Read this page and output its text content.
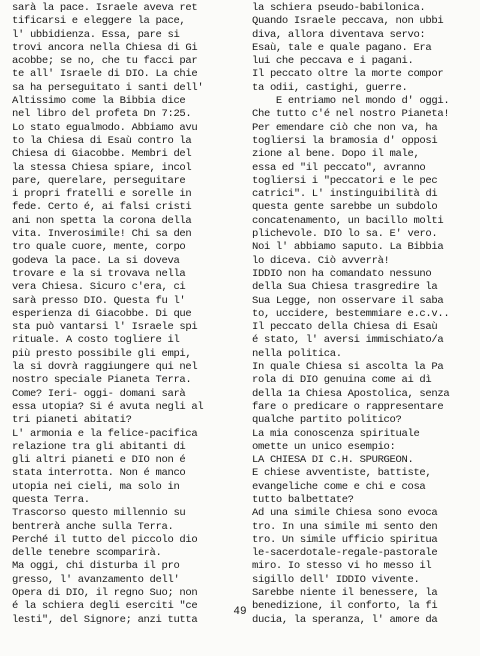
sarà la pace. Israele aveva ret
tificarsi e eleggere la pace,
l' ubbidienza. Essa, pare si
trovi ancora nella Chiesa di Gi
acobbe; se no, che tu facci par
te all' Israele di DIO. La chie
sa ha perseguitato i santi dell'
Altissimo come la Bibbia dice
nel libro del profeta Dn 7:25.
Lo stato egualmodo. Abbiamo avu
to la Chiesa di Esaù contro la
Chiesa di Giacobbe. Membri del
la stessa Chiesa spiare, incol
pare, querelare, perseguitare
i propri fratelli e sorelle in
fede. Certo é, ai falsi cristi
ani non spetta la corona della
vita. Inverosimile! Chi sa den
tro quale cuore, mente, corpo
godeva la pace. La si doveva
trovare e la si trovava nella
vera Chiesa. Sicuro c'era, ci
sarà presso DIO. Questa fu l'
esperienza di Giacobbe. Di que
sta può vantarsi l' Israele spi
rituale. A costo togliere il
più presto possibile gli empi,
la si dovrà raggiungere qui nel
nostro speciale Pianeta Terra.
Come? Ieri- oggi- domani sarà
essa utopia? Si é avuta negli al
tri pianeti abitati?
L' armonia e la felice-pacifica
relazione tra gli abitanti di
gli altri pianeti e DIO non é
stata interrotta. Non é manco
utopia nei cieli, ma solo in
questa Terra.
Trascorso questo millennio su
bentrerà anche sulla Terra.
Perché il tutto del piccolo dio
delle tenebre scomparirà.
Ma oggi, chi disturba il pro
gresso, l' avanzamento dell'
Opera di DIO, il regno Suo; non
é la schiera degli eserciti "ce
lesti", del Signore; anzi tutta
la schiera pseudo-babilonica.
Quando Israele peccava, non ubbi
diva, allora diventava servo:
Esaù, tale e quale pagano. Era
lui che peccava e i pagani.
Il peccato oltre la morte compor
ta odii, castighi, guerre.
E entriamo nel mondo d' oggi.
Che tutto c'é nel nostro Pianeta!
Per emendare ciò che non va, ha
togliersi la bramosia d' opposi
zione al bene. Dopo il male,
essa ed "il peccato", avranno
togliersi i "peccatori e le pec
catrici". L' instinguibilità di
questa gente sarebbe un subdolo
concatenamento, un bacillo molti
plichevole. DIO lo sa. E' vero.
Noi l' abbiamo saputo. La Bibbia
lo diceva. Ciò avverrà!
IDDIO non ha comandato nessuno
della Sua Chiesa trasgredire la
Sua Legge, non osservare il saba
to, uccidere, bestemmiare e.c.v..
Il peccato della Chiesa di Esaù
é stato, l' aversi immischiato/a
nella politica.
In quale Chiesa si ascolta la Pa
rola di DIO genuina come ai dì
della 1a Chiesa Apostolica, senza
fare o predicare o rappresentare
qualche partito politico?
La mia conoscenza spirituale
omette un unico esempio:
LA CHIESA DI C.H. SPURGEON.
E chiese avventiste, battiste,
evangeliche come e chi e cosa
tutto balbettate?
Ad una simile Chiesa sono evoca
tro. In una simile mi sento den
tro. Un simile ufficio spiritua
le-sacerdotale-regale-pastorale
miro. Io stesso vi ho messo il
sigillo dell' IDDIO vivente.
Sarebbe niente il benessere, la
benedizione, il conforto, la fi
ducia, la speranza, l' amore da
49
